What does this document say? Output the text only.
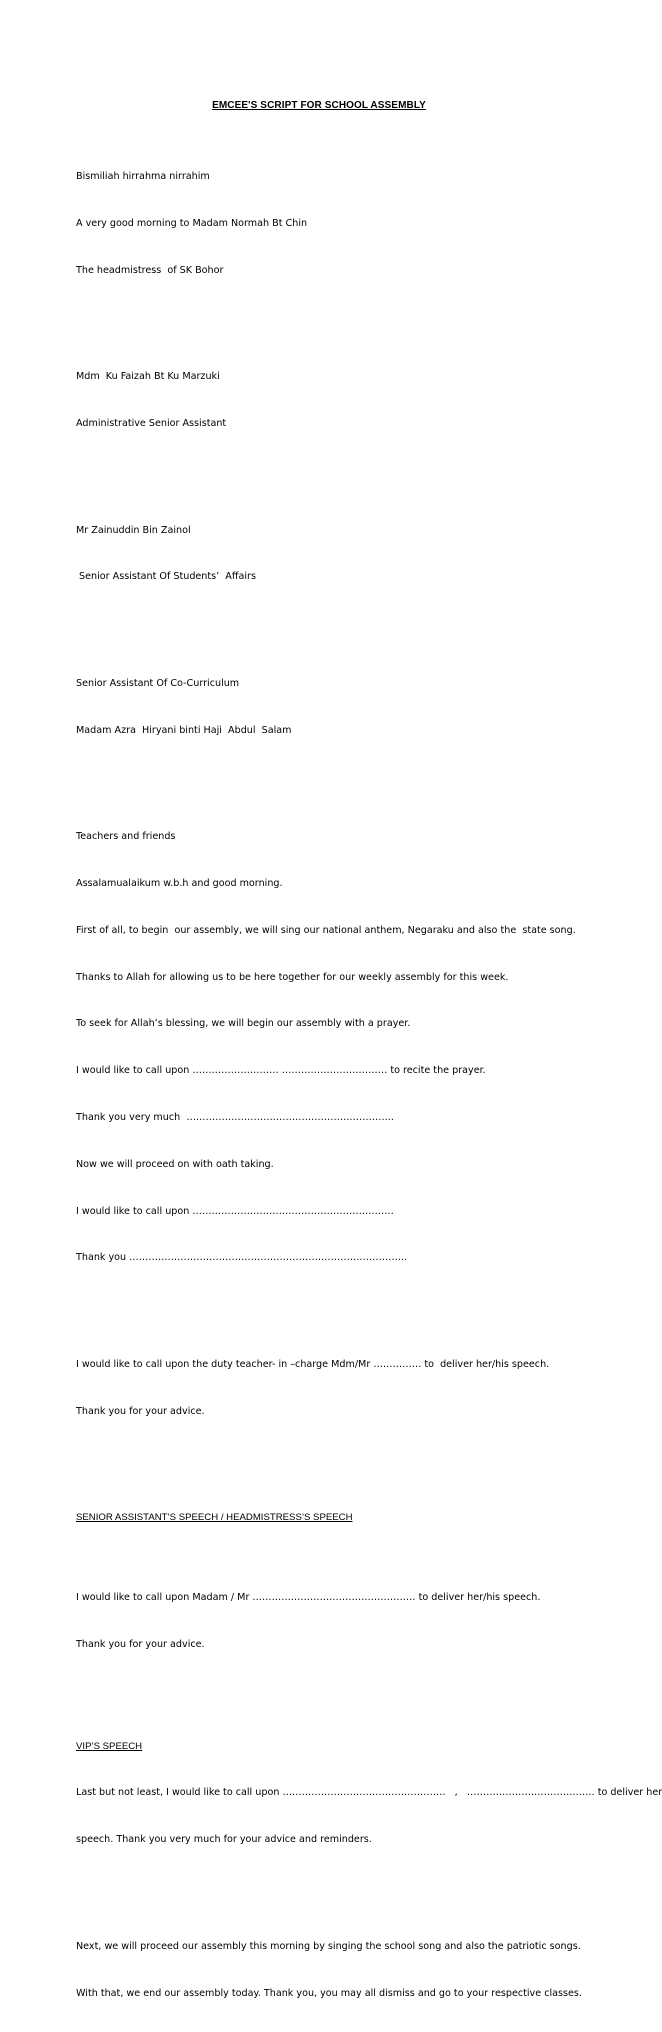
EMCEE'S SCRIPT FOR SCHOOL ASSEMBLY

Bismiliah hirrahma nirrahim

A very good morning to Madam Normah Bt Chin

The headmistress  of SK Bohor

Mdm  Ku Faizah Bt Ku Marzuki

Administrative Senior Assistant

Mr Zainuddin Bin Zainol

Senior Assistant Of Students’  Affairs

Senior Assistant Of Co-Curriculum

Madam Azra  Hiryani binti Haji  Abdul  Salam

Teachers and friends

Assalamualaikum w.b.h and good morning.

First of all, to begin  our assembly, we will sing our national anthem, Negaraku and also the  state song.

Thanks to Allah for allowing us to be here together for our weekly assembly for this week.

To seek for Allah’s blessing, we will begin our assembly with a prayer.

I would like to call upon ……………………… …………………………… to recite the prayer.

Thank you very much  ………………………………………………………..

Now we will proceed on with oath taking.

I would like to call upon ………………………………………………………

Thank you ……………………………………………………………………………

I would like to call upon the duty teacher- in –charge Mdm/Mr …………… to  deliver her/his speech.

Thank you for your advice.

SENIOR ASSISTANT’S SPEECH / HEADMISTRESS’S SPEECH

I would like to call upon Madam / Mr …………………………………………… to deliver her/his speech.

Thank you for your advice.

VIP’S SPEECH

Last but not least, I would like to call upon ……………………………………………   ,   …………………………………. to deliver her

speech. Thank you very much for your advice and reminders.

Next, we will proceed our assembly this morning by singing the school song and also the patriotic songs.

With that, we end our assembly today. Thank you, you may all dismiss and go to your respective classes.
